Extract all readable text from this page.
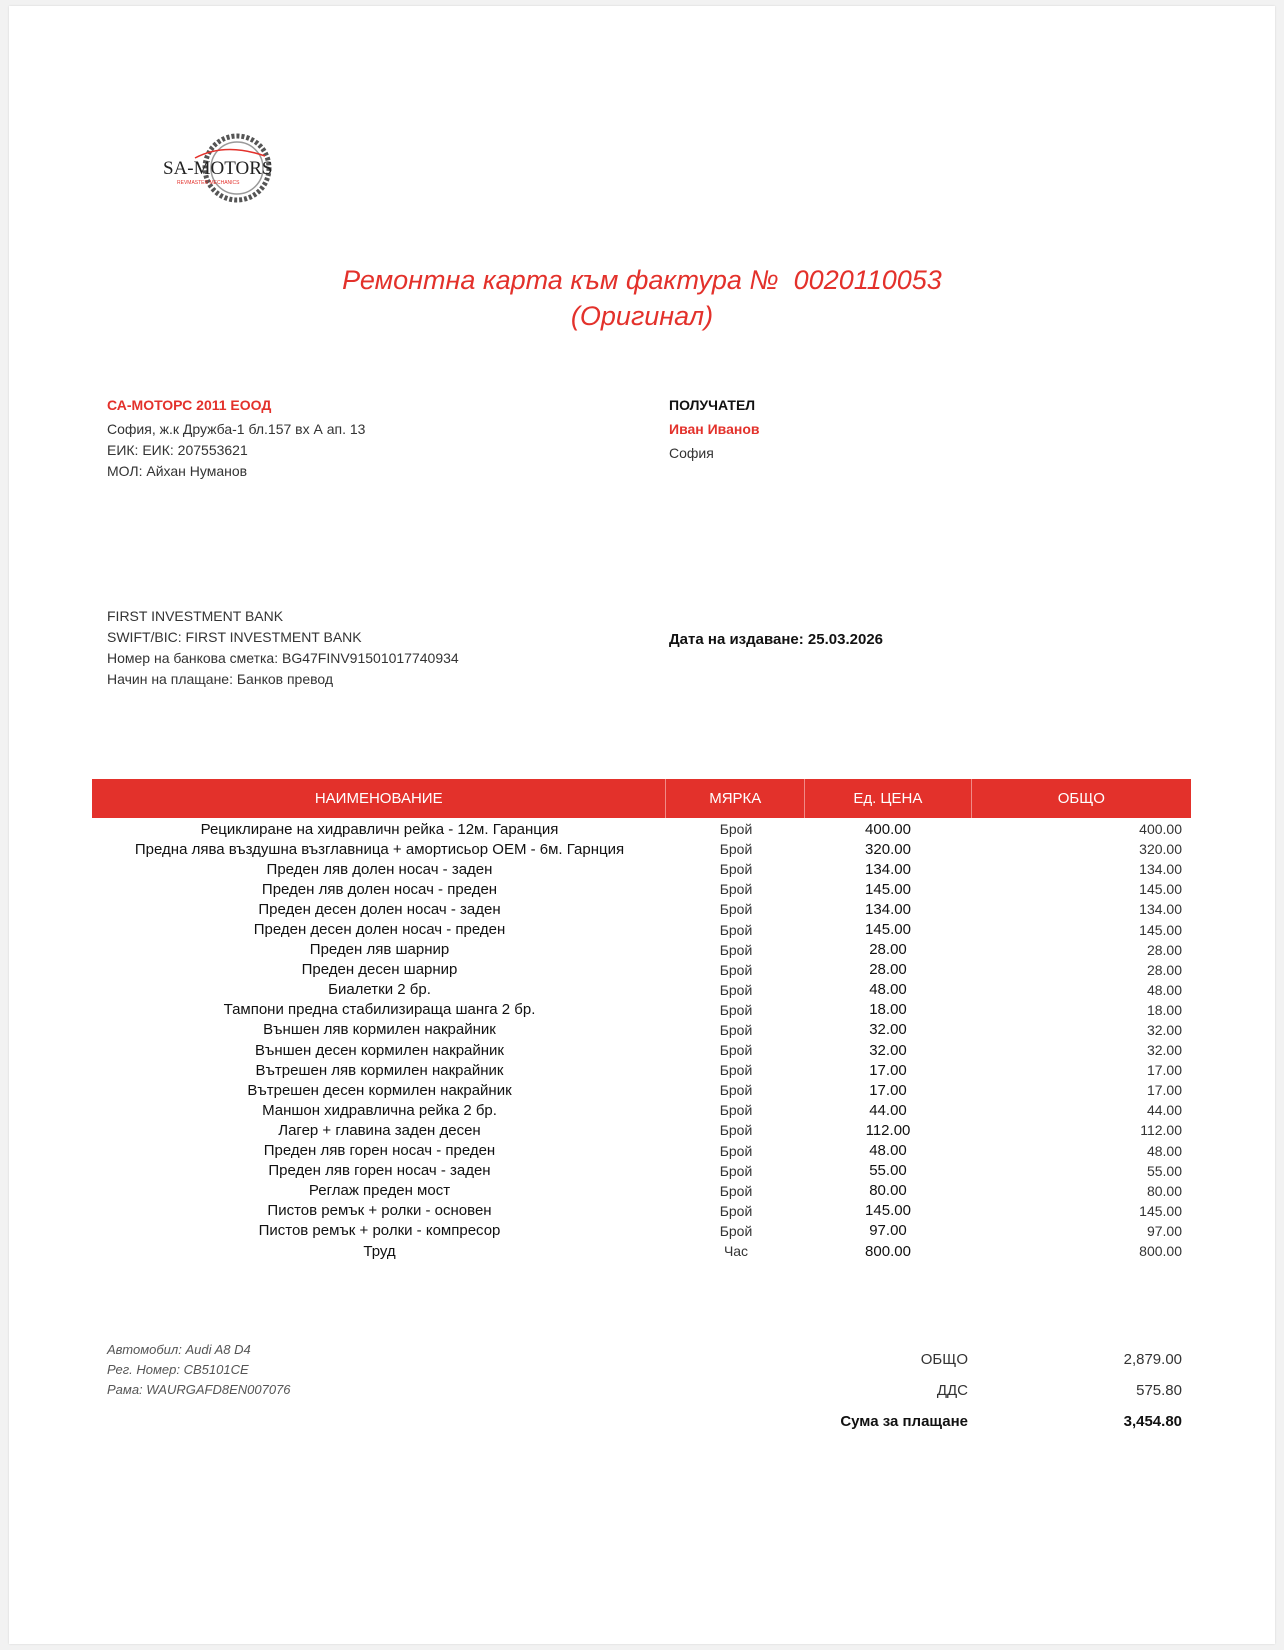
SA-MOTORS
REVMASTER MECHANICS
Ремонтна карта към фактура №  0020110053
(Оригинал)
СА-МОТОРС 2011 ЕООД
София, ж.к Дружба-1 бл.157 вх А ап. 13
ЕИК: ЕИК: 207553621
МОЛ: Айхан Нуманов
ПОЛУЧАТЕЛ
Иван Иванов
София
FIRST INVESTMENT BANK
SWIFT/BIC: FIRST INVESTMENT BANK
Номер на банкова сметка: BG47FINV91501017740934
Начин на плащане: Банков превод
Дата на издаване: 25.03.2026
НАИМЕНОВАНИЕ	МЯРКА	Ед. ЦЕНА	ОБЩО
Рециклиране на хидравличн рейка - 12м. Гаранция	Брой	400.00	400.00
Предна лява въздушна възглавница + амортисьор OEM - 6м. Гарнция	Брой	320.00	320.00
Преден ляв долен носач - заден	Брой	134.00	134.00
Преден ляв долен носач - преден	Брой	145.00	145.00
Преден десен долен носач - заден	Брой	134.00	134.00
Преден десен долен носач - преден	Брой	145.00	145.00
Преден ляв шарнир	Брой	28.00	28.00
Преден десен шарнир	Брой	28.00	28.00
Биалетки 2 бр.	Брой	48.00	48.00
Тампони предна стабилизираща шанга 2 бр.	Брой	18.00	18.00
Външен ляв кормилен накрайник	Брой	32.00	32.00
Външен десен кормилен накрайник	Брой	32.00	32.00
Вътрешен ляв кормилен накрайник	Брой	17.00	17.00
Вътрешен десен кормилен накрайник	Брой	17.00	17.00
Маншон хидравлична рейка 2 бр.	Брой	44.00	44.00
Лагер + главина заден десен	Брой	112.00	112.00
Преден ляв горен носач - преден	Брой	48.00	48.00
Преден ляв горен носач - заден	Брой	55.00	55.00
Реглаж преден мост	Брой	80.00	80.00
Пистов ремък + ролки - основен	Брой	145.00	145.00
Пистов ремък + ролки - компресор	Брой	97.00	97.00
Труд	Час	800.00	800.00
Автомобил: Audi A8 D4
Рег. Номер: CB5101CE
Рама: WAURGAFD8EN007076
ОБЩО	2,879.00
ДДС	575.80
Сума за плащане	3,454.80
